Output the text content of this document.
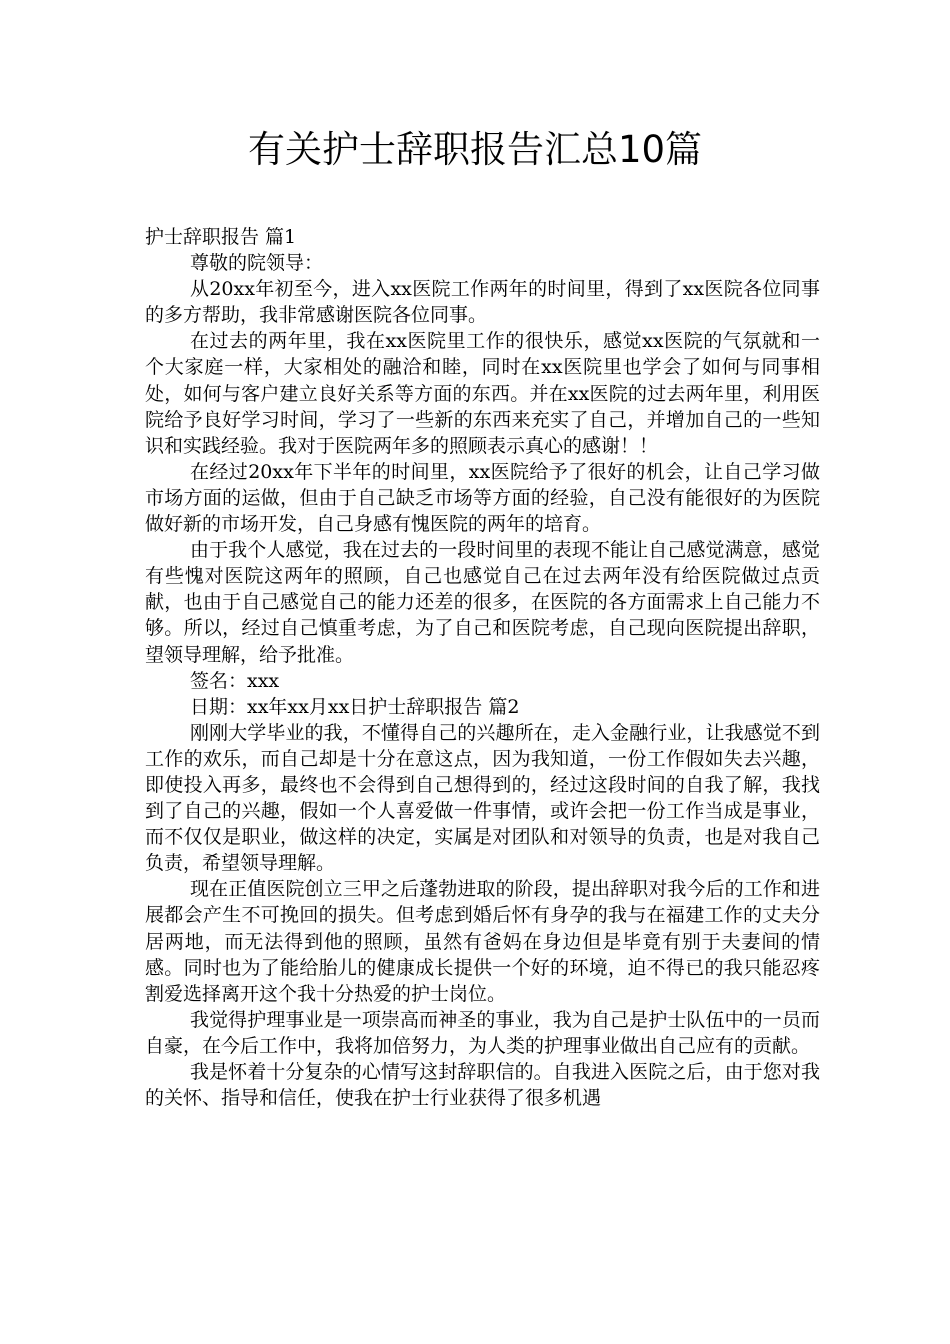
有关护士辞职报告汇总10篇

护士辞职报告 篇1

尊敬的院领导：

从20xx年初至今，进入xx医院工作两年的时间里，得到了xx医院各位同事的多方帮助，我非常感谢医院各位同事。

在过去的两年里，我在xx医院里工作的很快乐，感觉xx医院的气氛就和一个大家庭一样，大家相处的融洽和睦，同时在xx医院里也学会了如何与同事相处，如何与客户建立良好关系等方面的东西。并在xx医院的过去两年里，利用医院给予良好学习时间，学习了一些新的东西来充实了自己，并增加自己的一些知识和实践经验。我对于医院两年多的照顾表示真心的感谢！！

在经过20xx年下半年的时间里，xx医院给予了很好的机会，让自己学习做市场方面的运做，但由于自己缺乏市场等方面的经验，自己没有能很好的为医院做好新的市场开发，自己身感有愧医院的两年的培育。

由于我个人感觉，我在过去的一段时间里的表现不能让自己感觉满意，感觉有些愧对医院这两年的照顾，自己也感觉自己在过去两年没有给医院做过点贡献，也由于自己感觉自己的能力还差的很多，在医院的各方面需求上自己能力不够。所以，经过自己慎重考虑，为了自己和医院考虑，自己现向医院提出辞职，望领导理解，给予批准。

签名：xxx

日期：xx年xx月xx日护士辞职报告 篇2

刚刚大学毕业的我，不懂得自己的兴趣所在，走入金融行业，让我感觉不到工作的欢乐，而自己却是十分在意这点，因为我知道，一份工作假如失去兴趣，即使投入再多，最终也不会得到自己想得到的，经过这段时间的自我了解，我找到了自己的兴趣，假如一个人喜爱做一件事情，或许会把一份工作当成是事业，而不仅仅是职业，做这样的决定，实属是对团队和对领导的负责，也是对我自己负责，希望领导理解。

现在正值医院创立三甲之后蓬勃进取的阶段，提出辞职对我今后的工作和进展都会产生不可挽回的损失。但考虑到婚后怀有身孕的我与在福建工作的丈夫分居两地，而无法得到他的照顾，虽然有爸妈在身边但是毕竟有别于夫妻间的情感。同时也为了能给胎儿的健康成长提供一个好的环境，迫不得已的我只能忍疼割爱选择离开这个我十分热爱的护士岗位。

我觉得护理事业是一项崇高而神圣的事业，我为自己是护士队伍中的一员而自豪，在今后工作中，我将加倍努力，为人类的护理事业做出自己应有的贡献。

我是怀着十分复杂的心情写这封辞职信的。自我进入医院之后，由于您对我的关怀、指导和信任，使我在护士行业获得了很多机遇
